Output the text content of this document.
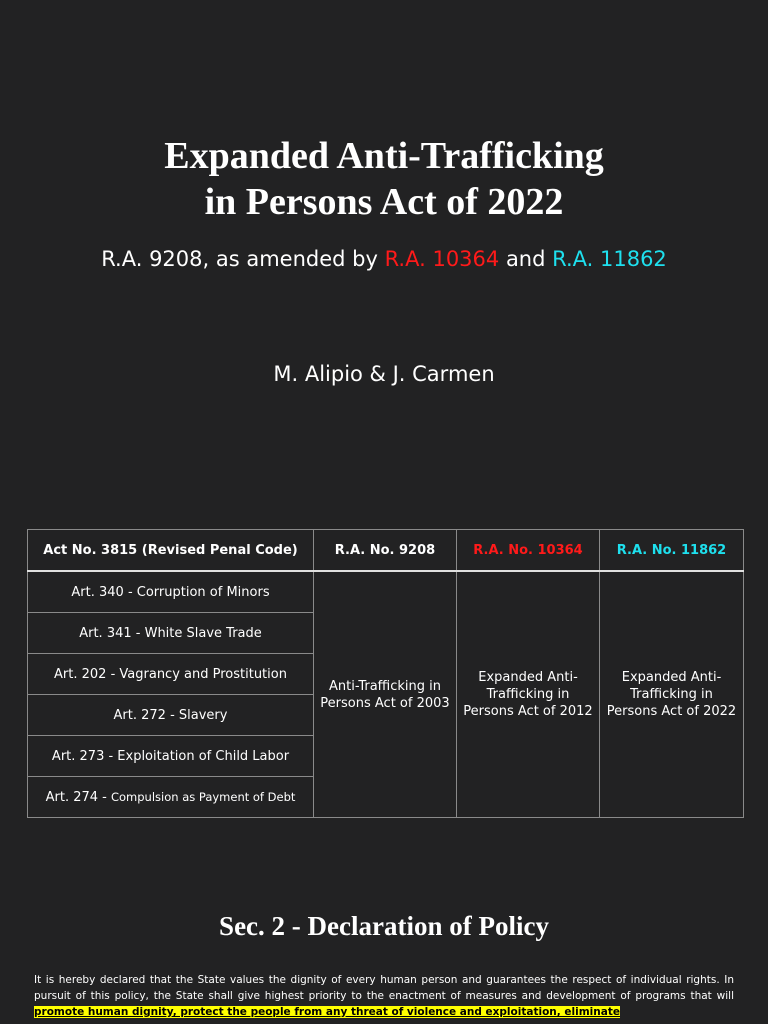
Expanded Anti-Trafficking
in Persons Act of 2022
R.A. 9208, as amended by R.A. 10364 and R.A. 11862
M. Alipio & J. Carmen
Act No. 3815 (Revised Penal Code)	R.A. No. 9208	R.A. No. 10364	R.A. No. 11862
Art. 340 - Corruption of Minors	Anti-Trafficking in Persons Act of 2003	Expanded Anti-Trafficking in Persons Act of 2012	Expanded Anti-Trafficking in Persons Act of 2022
Art. 341 - White Slave Trade			
Art. 202 - Vagrancy and Prostitution			
Art. 272 - Slavery			
Art. 273 - Exploitation of Child Labor			
Art. 274 - Compulsion as Payment of Debt			
Sec. 2 - Declaration of Policy

It is hereby declared that the State values the dignity of every human person and guarantees the respect of individual rights. In pursuit of this policy, the State shall give highest priority to the enactment of measures and development of programs that will promote human dignity, protect the people from any threat of violence and exploitation, eliminate
